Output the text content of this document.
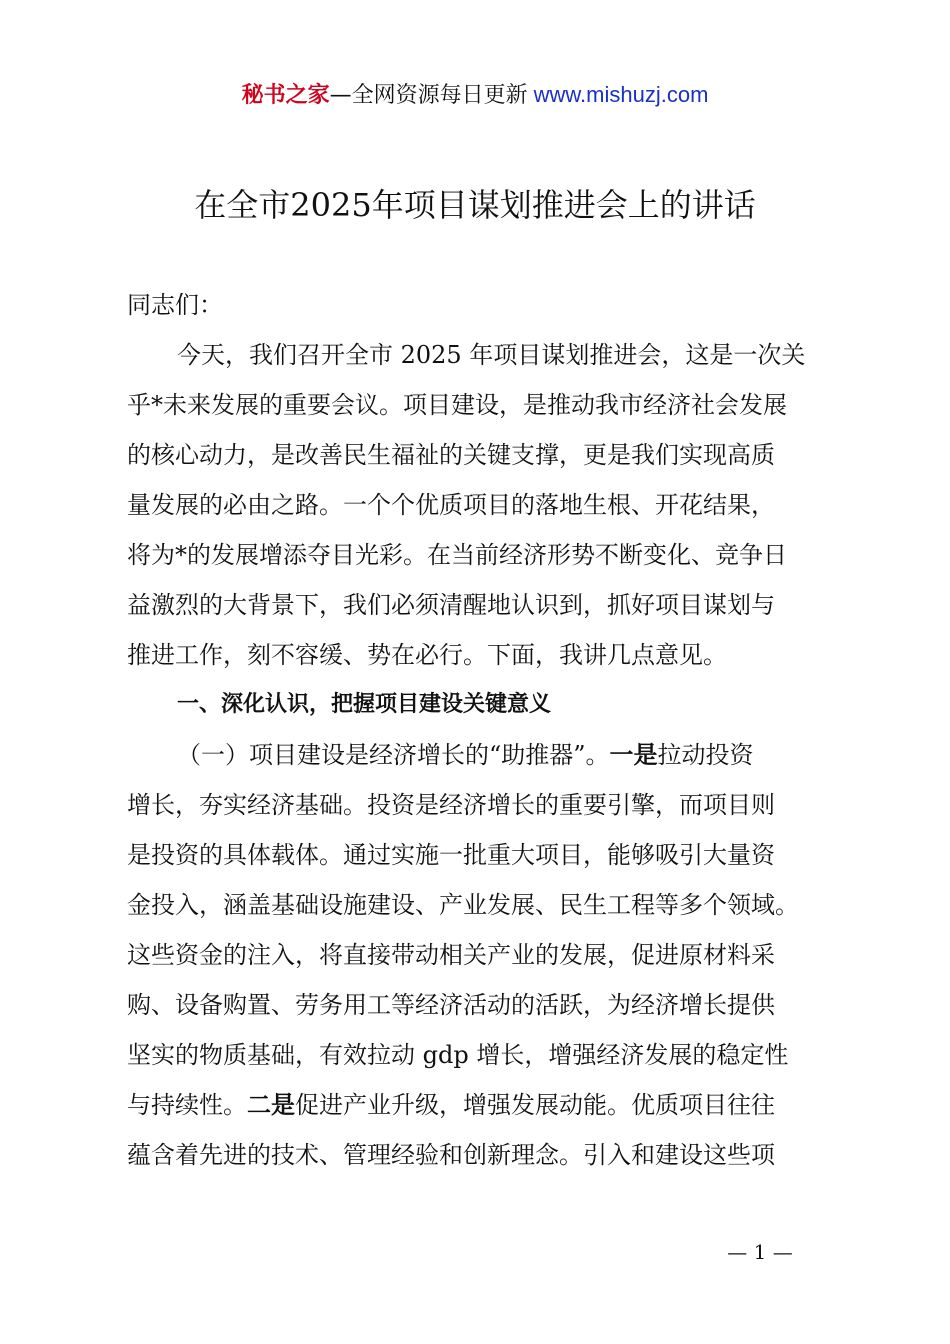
秘书之家—全网资源每日更新 www.mishuzj.com
在全市2025年项目谋划推进会上的讲话
同志们：
今天，我们召开全市 2025 年项目谋划推进会，这是一次关
乎*未来发展的重要会议。项目建设，是推动我市经济社会发展
的核心动力，是改善民生福祉的关键支撑，更是我们实现高质
量发展的必由之路。一个个优质项目的落地生根、开花结果，
将为*的发展增添夺目光彩。在当前经济形势不断变化、竞争日
益激烈的大背景下，我们必须清醒地认识到，抓好项目谋划与
推进工作，刻不容缓、势在必行。下面，我讲几点意见。
一、深化认识，把握项目建设关键意义
（一）项目建设是经济增长的“助推器”。一是拉动投资
增长，夯实经济基础。投资是经济增长的重要引擎，而项目则
是投资的具体载体。通过实施一批重大项目，能够吸引大量资
金投入，涵盖基础设施建设、产业发展、民生工程等多个领域。
这些资金的注入，将直接带动相关产业的发展，促进原材料采
购、设备购置、劳务用工等经济活动的活跃，为经济增长提供
坚实的物质基础，有效拉动 gdp 增长，增强经济发展的稳定性
与持续性。二是促进产业升级，增强发展动能。优质项目往往
蕴含着先进的技术、管理经验和创新理念。引入和建设这些项
— 1 —
